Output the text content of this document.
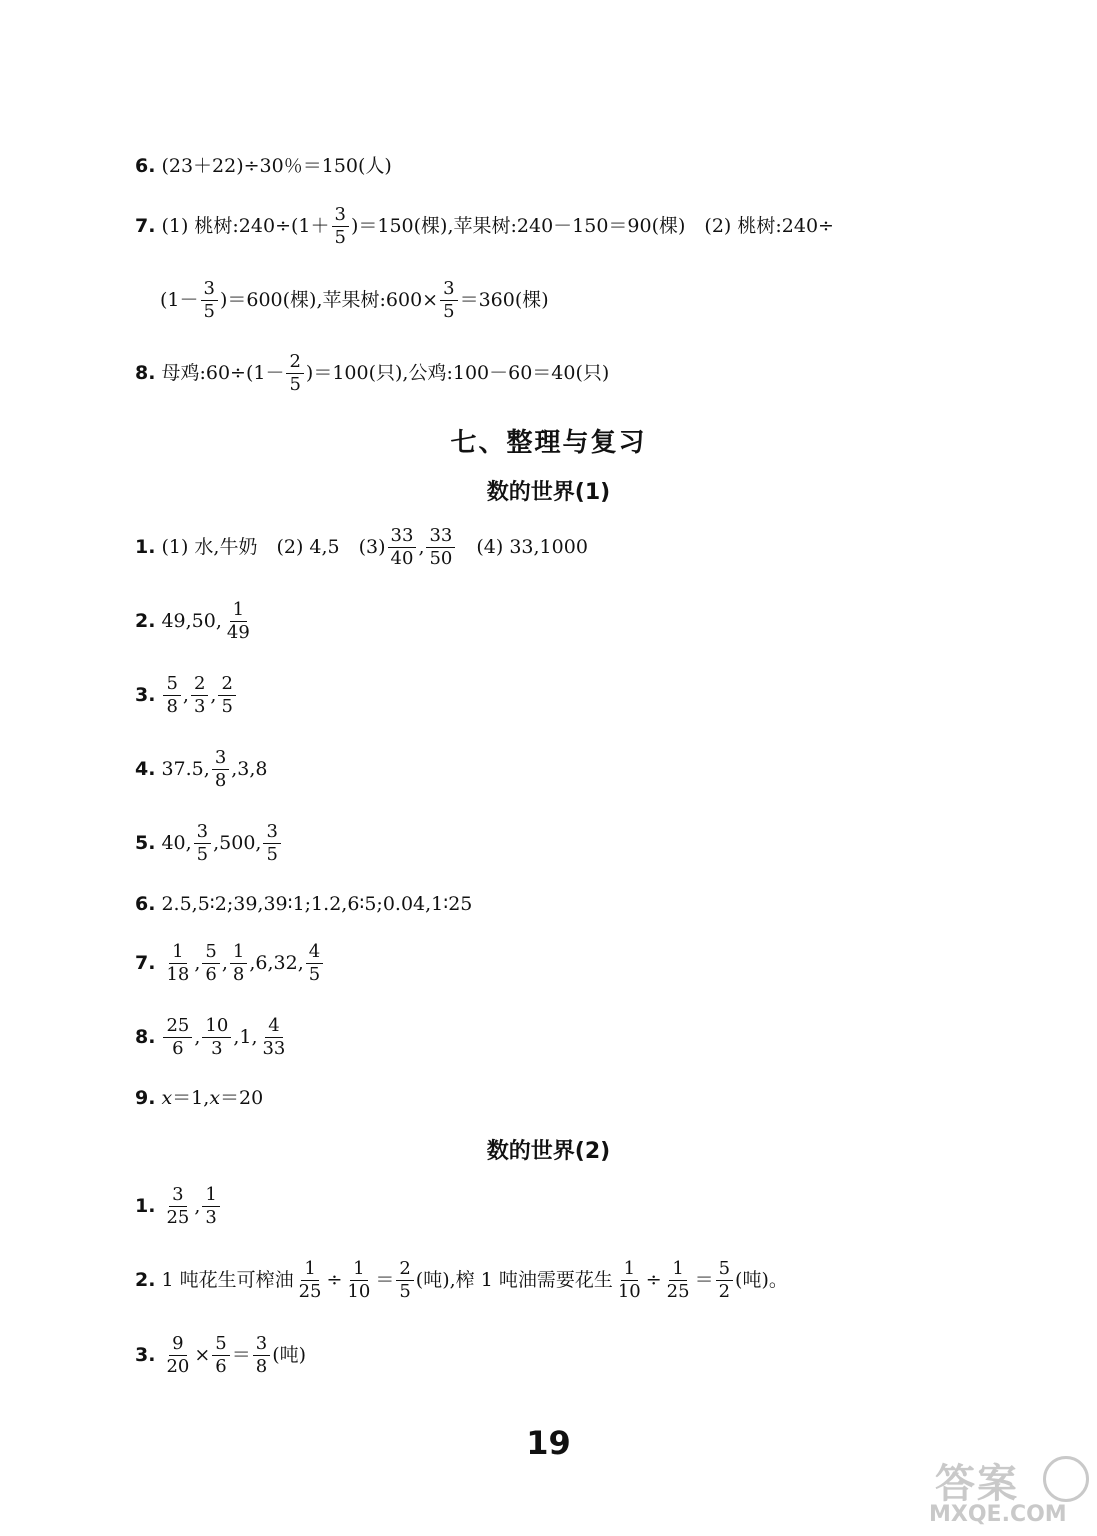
6. (23＋22)÷30％＝150(人)
7. (1) 桃树:240÷(1＋ $\frac{3}{5} )=150$(棵),苹果树:240－150＝90(棵)　(2) 桃树:240÷
$(1- \frac{3}{5} )=600$(棵),苹果树:600× $\frac{3}{5} =360$(棵)
8. 母鸡:60÷(1－ $\frac{2}{5} )=100$(只),公鸡:100－60＝40(只)
七、整理与复习
数的世界(1)
1. (1) 水,牛奶　(2) 4,5　$(3) \frac{33}{40}$ , $\frac{33}{50}$ 　(4) 33,1000
2. 49,50, $\frac{1}{49}$
3. $\frac{5}{8}$ , $\frac{2}{3}$ , $\frac{2}{5}$
4. 37.5, $\frac{3}{8} ,3,8$
5. 40, $\frac{3}{5} ,500$, $\frac{3}{5}$
6. 2.5,5∶2;39,39∶1;1.2,6∶5;0.04,1∶25
7. $\frac{1}{18}$ , $\frac{5}{6}$ , $\frac{1}{8} ,6,32$, $\frac{4}{5}$
8. $\frac{25}{6}$ , $\frac{10}{3} ,1$, $\frac{4}{33}$
9. x ＝1, x ＝20
数的世界(2)
1. $\frac{3}{25}$ , $\frac{1}{3}$
2. 1 吨花生可榨油 $\frac{1}{25} \div \frac{1}{10} = \frac{2}{5}$ (吨),榨 1 吨油需要花生 $\frac{1}{10} \div \frac{1}{25} = \frac{5}{2}$ (吨)。
3. $\frac{9}{20} \times \frac{5}{6} = \frac{3}{8}$ (吨)
19
答案
MXQE.COM
